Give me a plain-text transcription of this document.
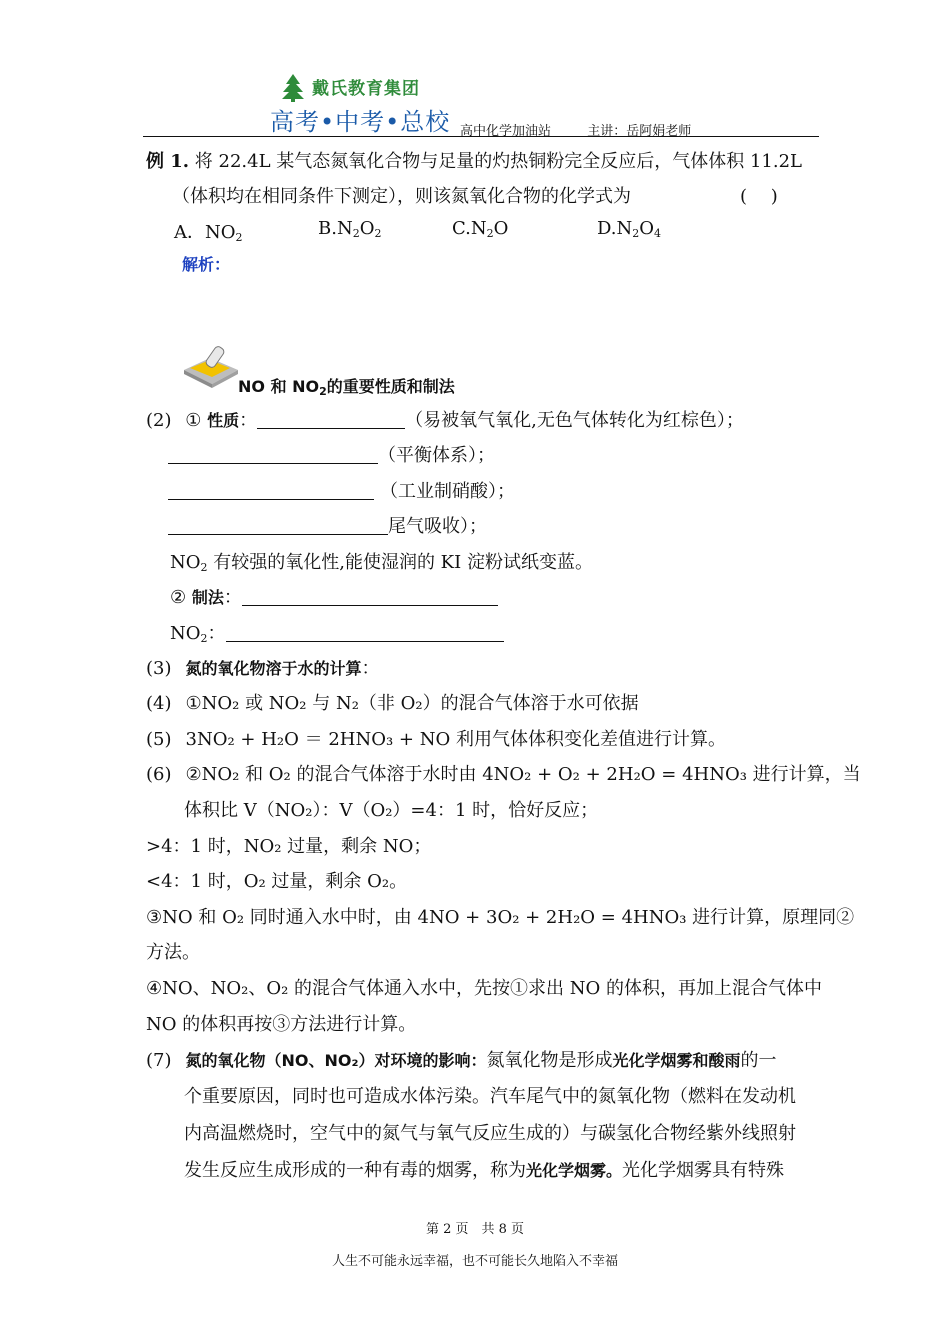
戴氏教育集团
高考•中考•总校 高中化学加油站	主讲：岳阿娟老师
例 1. 将 22.4L 某气态氮氧化合物与足量的灼热铜粉完全反应后，气体体积 11.2L
（体积均在相同条件下测定），则该氮氧化合物的化学式为	(　 )
A．$NO_2$	$B.N_2O_2$	$C.N_2O$	$D.N_2O_4$
解析：
NO 和 $NO_2$的重要性质和制法
(2) ① 性质：	（易被氧气氧化,无色气体转化为红棕色）；
（平衡体系）；
（工业制硝酸）；
尾气吸收）；
$NO_2$ 有较强的氧化性,能使湿润的 KI 淀粉试纸变蓝。
② 制法：
$NO_2$：
(3) 氮的氧化物溶于水的计算：
(4) ①NO₂ 或 NO₂ 与 N₂（非 O₂）的混合气体溶于水可依据
(5) 3NO₂ + H₂O ＝ 2HNO₃ + NO 利用气体体积变化差值进行计算。
(6) ②NO₂ 和 O₂ 的混合气体溶于水时由 4NO₂ + O₂ + 2H₂O = 4HNO₃ 进行计算，当
体积比 V（NO₂）：V（O₂）=4：1 时，恰好反应；
>4：1 时，NO₂ 过量，剩余 NO；
<4：1 时，O₂ 过量，剩余 O₂。
③NO 和 O₂ 同时通入水中时，由 4NO + 3O₂ + 2H₂O = 4HNO₃ 进行计算，原理同②
方法。
④NO、NO₂、O₂ 的混合气体通入水中，先按①求出 NO 的体积，再加上混合气体中
NO 的体积再按③方法进行计算。
(7) 氮的氧化物（NO、NO₂）对环境的影响：氮氧化物是形成光化学烟雾和酸雨的一
个重要原因，同时也可造成水体污染。汽车尾气中的氮氧化物（燃料在发动机
内高温燃烧时，空气中的氮气与氧气反应生成的）与碳氢化合物经紫外线照射
发生反应生成形成的一种有毒的烟雾，称为光化学烟雾。光化学烟雾具有特殊
第 2 页　共 8 页
人生不可能永远幸福，也不可能长久地陷入不幸福
